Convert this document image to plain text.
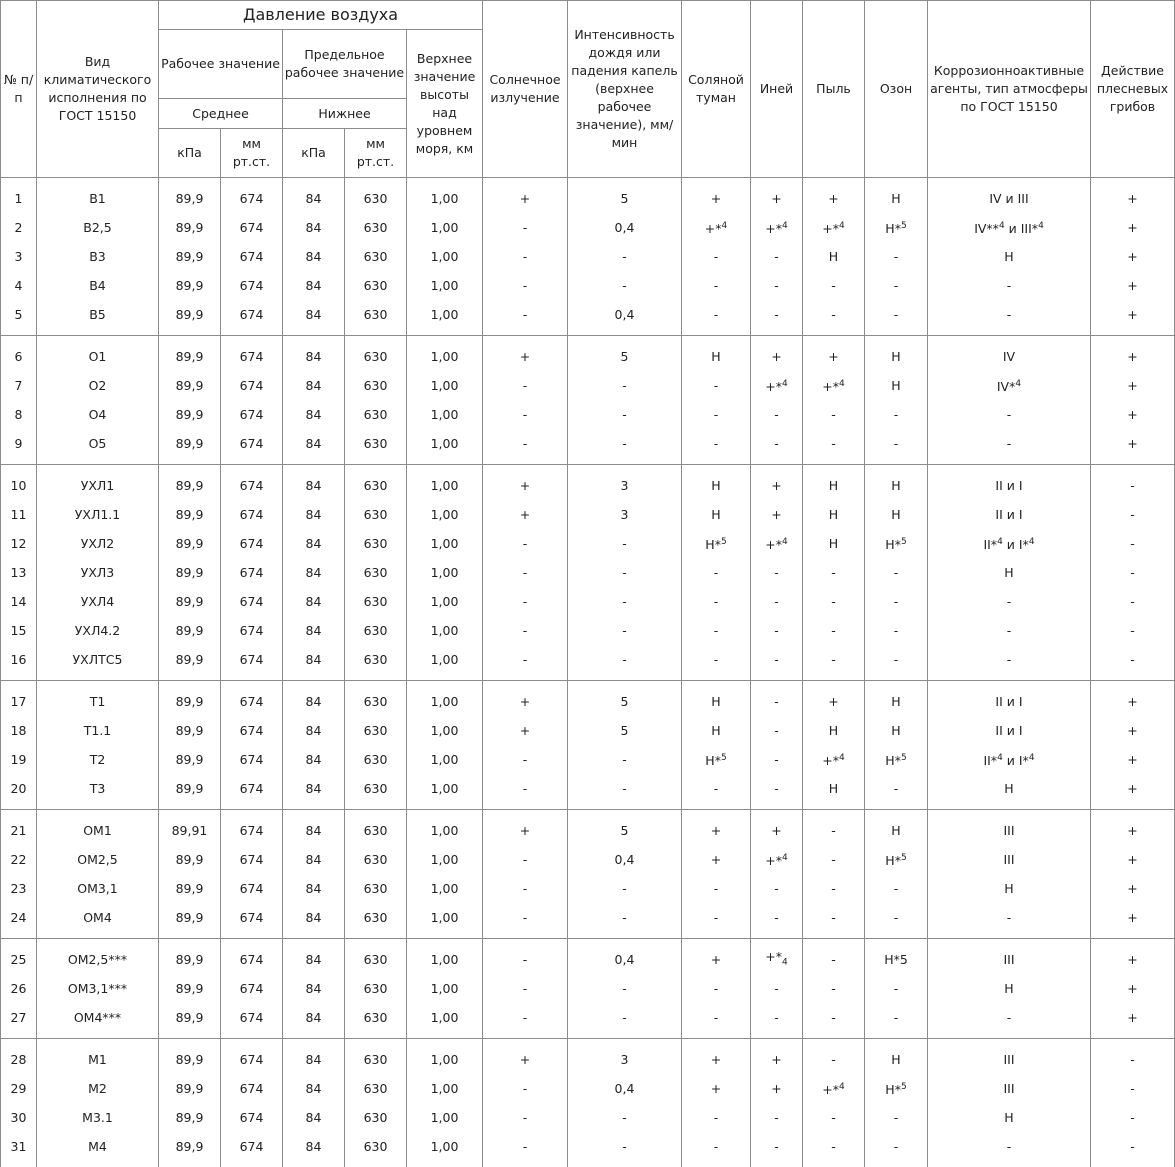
№ п/п	Вид климатического исполнения по ГОСТ 15150	Давление воздуха					Солнечное излучение	Интенсивность дождя или падения капель (верхнее рабочее значение), мм/мин	Соляной туман	Иней	Пыль	Озон	Коррозионноактивные агенты, тип атмосферы по ГОСТ 15150	Действие плесневых грибов
		Рабочее значение		Предельное рабочее значение		Верхнее значение высоты над уровнем моря, км								
		Среднее		Нижнее										
		кПа	мм рт.ст.	кПа	мм рт.ст.									
1	В1	89,9	674	84	630	1,00	+	5	+	+	+	Н	IV и III	+
2	В2,5	89,9	674	84	630	1,00	-	0,4	+*$^4$	+*$^4$	+*$^4$	Н*$^5$	IV**$^4$ и III*$^4$	+
3	В3	89,9	674	84	630	1,00	-	-	-	-	Н	-	Н	+
4	В4	89,9	674	84	630	1,00	-	-	-	-	-	-	-	+
5	В5	89,9	674	84	630	1,00	-	0,4	-	-	-	-	-	+
6	О1	89,9	674	84	630	1,00	+	5	Н	+	+	Н	IV	+
7	О2	89,9	674	84	630	1,00	-	-	-	+*$^4$	+*$^4$	Н	IV*$^4$	+
8	О4	89,9	674	84	630	1,00	-	-	-	-	-	-	-	+
9	О5	89,9	674	84	630	1,00	-	-	-	-	-	-	-	+
10	УХЛ1	89,9	674	84	630	1,00	+	3	Н	+	Н	Н	II и I	-
11	УХЛ1.1	89,9	674	84	630	1,00	+	3	Н	+	Н	Н	II и I	-
12	УХЛ2	89,9	674	84	630	1,00	-	-	Н*$^5$	+*$^4$	Н	Н*$^5$	II*$^4$ и I*$^4$	-
13	УХЛ3	89,9	674	84	630	1,00	-	-	-	-	-	-	Н	-
14	УХЛ4	89,9	674	84	630	1,00	-	-	-	-	-	-	-	-
15	УХЛ4.2	89,9	674	84	630	1,00	-	-	-	-	-	-	-	-
16	УХЛТС5	89,9	674	84	630	1,00	-	-	-	-	-	-	-	-
17	Т1	89,9	674	84	630	1,00	+	5	Н	-	+	Н	II и I	+
18	Т1.1	89,9	674	84	630	1,00	+	5	Н	-	Н	Н	II и I	+
19	Т2	89,9	674	84	630	1,00	-	-	Н*$^5$	-	+*$^4$	Н*$^5$	II*$^4$ и I*$^4$	+
20	Т3	89,9	674	84	630	1,00	-	-	-	-	Н	-	Н	+
21	ОМ1	89,91	674	84	630	1,00	+	5	+	+	-	Н	III	+
22	ОМ2,5	89,9	674	84	630	1,00	-	0,4	+	+*$^4$	-	Н*$^5$	III	+
23	ОМ3,1	89,9	674	84	630	1,00	-	-	-	-	-	-	Н	+
24	ОМ4	89,9	674	84	630	1,00	-	-	-	-	-	-	-	+
25	ОМ2,5***	89,9	674	84	630	1,00	-	0,4	+	$+*_4$	-	Н*5	III	+
26	ОМ3,1***	89,9	674	84	630	1,00	-	-	-	-	-	-	Н	+
27	ОМ4***	89,9	674	84	630	1,00	-	-	-	-	-	-	-	+
28	М1	89,9	674	84	630	1,00	+	3	+	+	-	Н	III	-
29	М2	89,9	674	84	630	1,00	-	0,4	+	+	+*$^4$	Н*$^5$	III	-
30	М3.1	89,9	674	84	630	1,00	-	-	-	-	-	-	Н	-
31	М4	89,9	674	84	630	1,00	-	-	-	-	-	-	-	-
